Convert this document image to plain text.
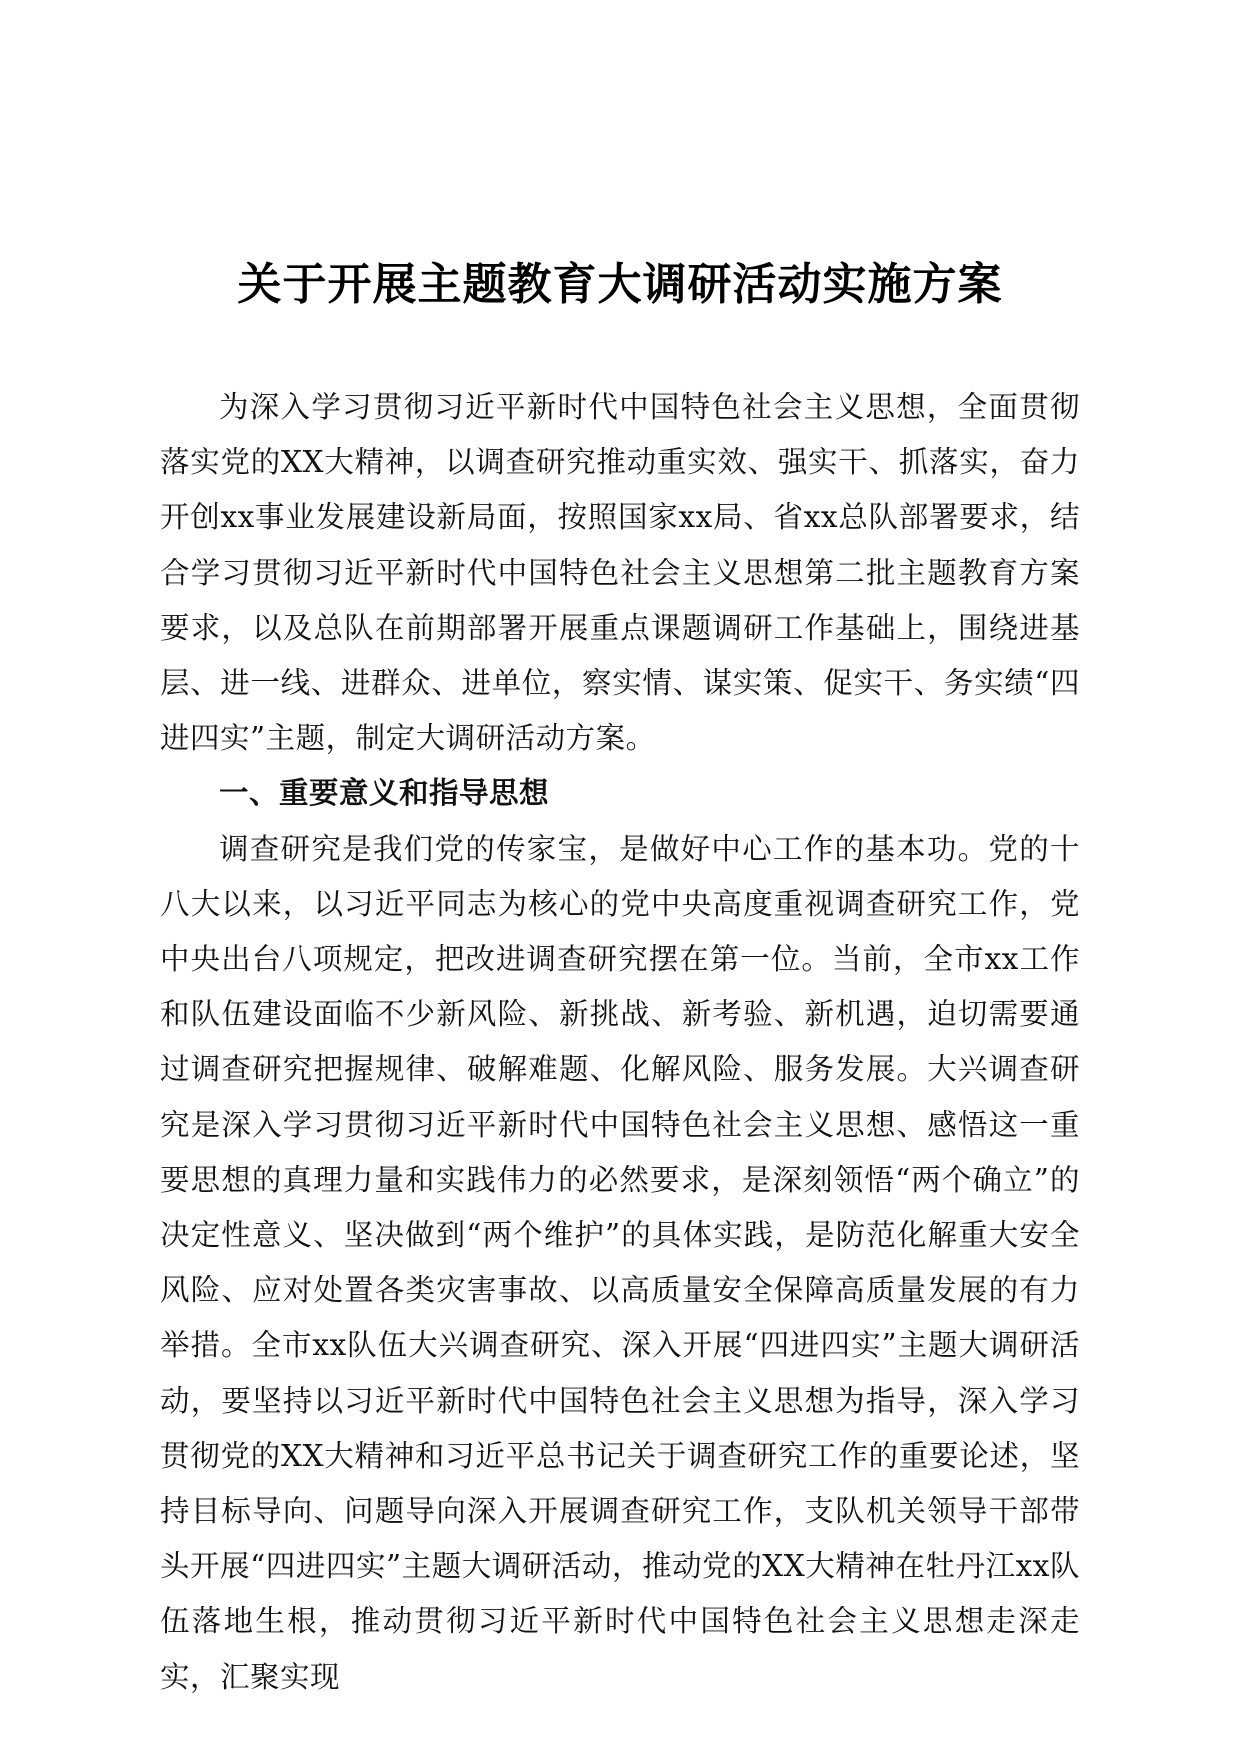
关于开展主题教育大调研活动实施方案

为深入学习贯彻习近平新时代中国特色社会主义思想，全面贯彻落实党的XX大精神，以调查研究推动重实效、强实干、抓落实，奋力开创xx事业发展建设新局面，按照国家xx局、省xx总队部署要求，结合学习贯彻习近平新时代中国特色社会主义思想第二批主题教育方案要求，以及总队在前期部署开展重点课题调研工作基础上，围绕进基层、进一线、进群众、进单位，察实情、谋实策、促实干、务实绩“四进四实”主题，制定大调研活动方案。

一、重要意义和指导思想

调查研究是我们党的传家宝，是做好中心工作的基本功。党的十八大以来，以习近平同志为核心的党中央高度重视调查研究工作，党中央出台八项规定，把改进调查研究摆在第一位。当前，全市xx工作和队伍建设面临不少新风险、新挑战、新考验、新机遇，迫切需要通过调查研究把握规律、破解难题、化解风险、服务发展。大兴调查研究是深入学习贯彻习近平新时代中国特色社会主义思想、感悟这一重要思想的真理力量和实践伟力的必然要求，是深刻领悟“两个确立”的决定性意义、坚决做到“两个维护”的具体实践，是防范化解重大安全风险、应对处置各类灾害事故、以高质量安全保障高质量发展的有力举措。全市xx队伍大兴调查研究、深入开展“四进四实”主题大调研活动，要坚持以习近平新时代中国特色社会主义思想为指导，深入学习贯彻党的XX大精神和习近平总书记关于调查研究工作的重要论述，坚持目标导向、问题导向深入开展调查研究工作，支队机关领导干部带头开展“四进四实”主题大调研活动，推动党的XX大精神在牡丹江xx队伍落地生根，推动贯彻习近平新时代中国特色社会主义思想走深走实，汇聚实现
